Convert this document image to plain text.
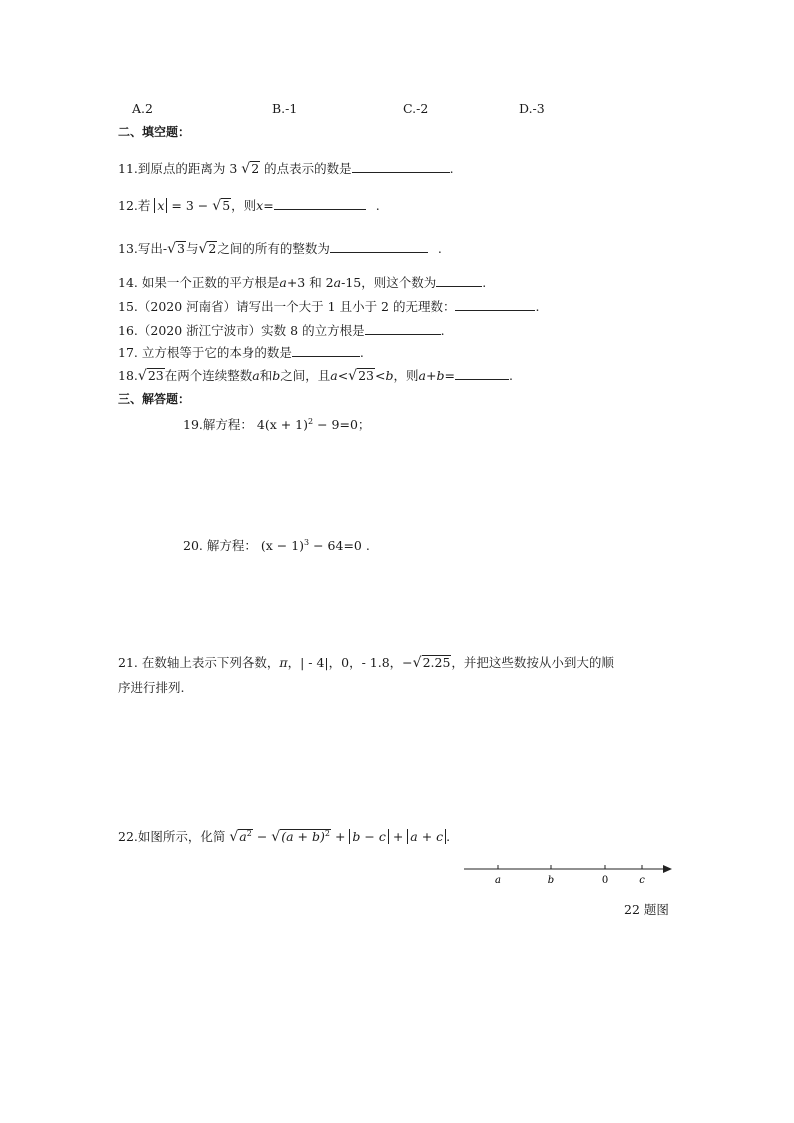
A.2	B.-1	C.-2	D.-3
二、填空题：
11.到原点的距离为 3 √ 2 的点表示的数是	.
12.若 x = 3 − √ 5 ，则x=	.
13.写出- √ 3 与 √ 2 之间的所有的整数为	.
14. 如果一个正数的平方根是a+3 和 2a-15，则这个数为	.
15.（2020 河南省）请写出一个大于 1 且小于 2 的无理数：	.
16.（2020 浙江宁波市）实数 8 的立方根是	.
17. 立方根等于它的本身的数是	.
18. √ 23 在两个连续整数a和b之间，且a< √ 23 <b，则a+b=	.
三、解答题：
19.解方程： $4(x + 1)^2 - 9=0$；
20. 解方程： $(x - 1)^3 - 64=0$ .
21. 在数轴上表示下列各数，π，| - 4|，0，- 1.8，− √ 2.25 ，并把这些数按从小到大的顺
序进行排列.
22.如图所示，化简 √ $a^2$ − √ $(a + b)^2 + b - c + a + c$ .
a	b	0	c
22 题图
